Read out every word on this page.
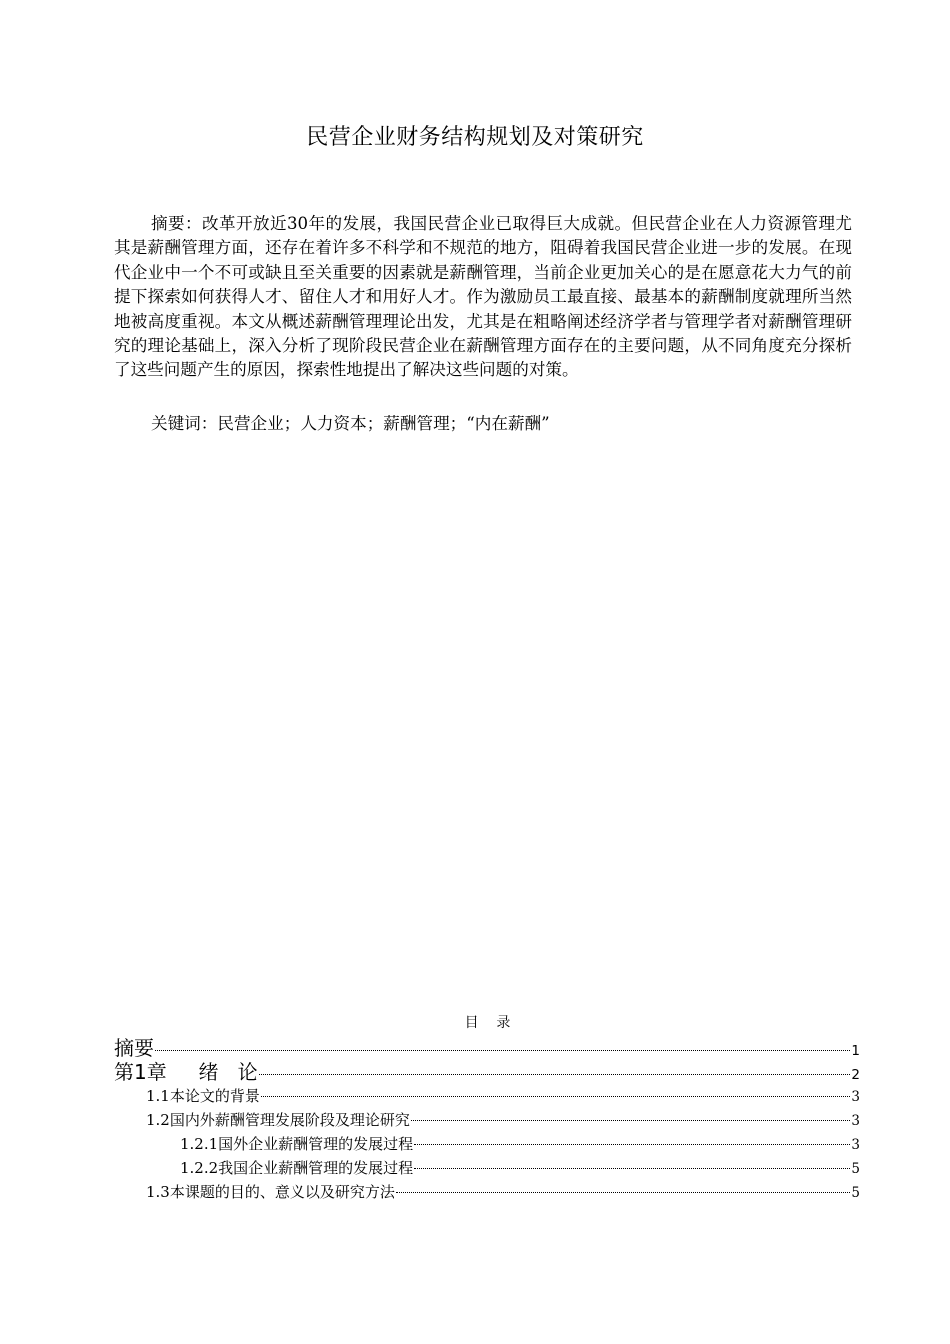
民营企业财务结构规划及对策研究

摘要：改革开放近30年的发展，我国民营企业已取得巨大成就。但民营企业在人力资源管理尤其是薪酬管理方面，还存在着许多不科学和不规范的地方，阻碍着我国民营企业进一步的发展。在现代企业中一个不可或缺且至关重要的因素就是薪酬管理，当前企业更加关心的是在愿意花大力气的前提下探索如何获得人才、留住人才和用好人才。作为激励员工最直接、最基本的薪酬制度就理所当然地被高度重视。本文从概述薪酬管理理论出发，尤其是在粗略阐述经济学者与管理学者对薪酬管理研究的理论基础上，深入分析了现阶段民营企业在薪酬管理方面存在的主要问题，从不同角度充分探析了这些问题产生的原因，探索性地提出了解决这些问题的对策。

关键词：民营企业；人力资本；薪酬管理；“内在薪酬”

目    录
摘要	1
第1章     绪   论	2
1.1本论文的背景	3
1.2国内外薪酬管理发展阶段及理论研究	3
1.2.1国外企业薪酬管理的发展过程	3
1.2.2我国企业薪酬管理的发展过程	5
1.3本课题的目的、意义以及研究方法	5
